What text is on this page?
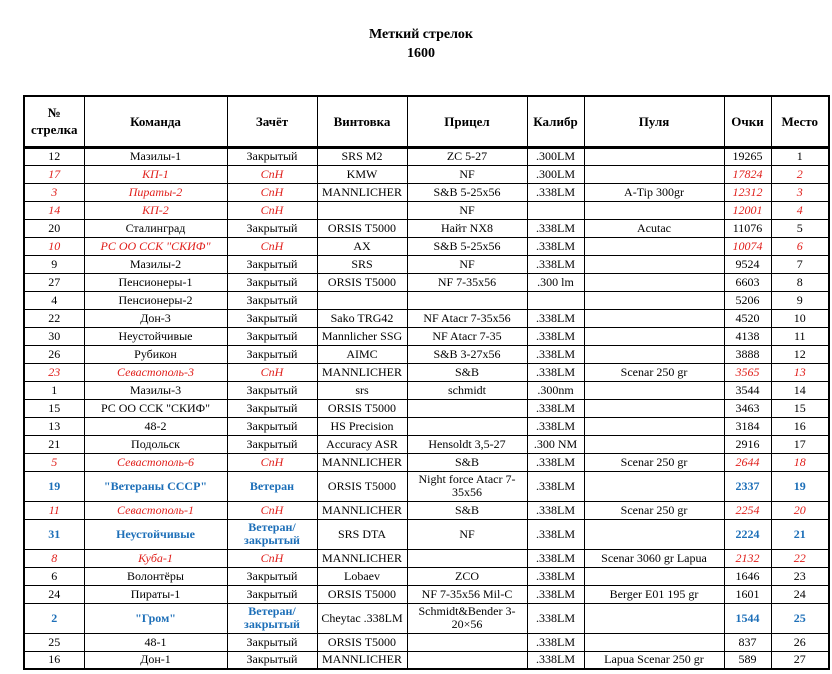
Меткий стрелок
1600
№ стрелка	Команда	Зачёт	Винтовка	Прицел	Калибр	Пуля	Очки	Место
12	Мазилы-1	Закрытый	SRS M2	ZC 5-27	.300LM		19265	1
17	КП-1	СпН	KMW	NF	.300LM		17824	2
3	Пираты-2	СпН	MANNLICHER	S&B 5-25x56	.338LM	A-Tip 300gr	12312	3
14	КП-2	СпН		NF			12001	4
20	Сталинград	Закрытый	ORSIS T5000	Найт NX8	.338LM	Acutac	11076	5
10	РС ОО ССК "СКИФ"	СпН	AX	S&B 5-25x56	.338LM		10074	6
9	Мазилы-2	Закрытый	SRS	NF	.338LM		9524	7
27	Пенсионеры-1	Закрытый	ORSIS T5000	NF 7-35x56	.300 lm		6603	8
4	Пенсионеры-2	Закрытый					5206	9
22	Дон-3	Закрытый	Sako TRG42	NF Atacr 7-35x56	.338LM		4520	10
30	Неустойчивые	Закрытый	Mannlicher SSG	NF Atacr 7-35	.338LM		4138	11
26	Рубикон	Закрытый	AIMC	S&B 3-27x56	.338LM		3888	12
23	Севастополь-3	СпН	MANNLICHER	S&B	.338LM	Scenar 250 gr	3565	13
1	Мазилы-3	Закрытый	srs	schmidt	.300nm		3544	14
15	РС ОО ССК "СКИФ"	Закрытый	ORSIS T5000		.338LM		3463	15
13	48-2	Закрытый	HS Precision		.338LM		3184	16
21	Подольск	Закрытый	Accuracy ASR	Hensoldt 3,5-27	.300 NM		2916	17
5	Севастополь-6	СпН	MANNLICHER	S&B	.338LM	Scenar 250 gr	2644	18
19	"Ветераны СССР"	Ветеран	ORSIS T5000	Night force Atacr 7-35x56	.338LM		2337	19
11	Севастополь-1	СпН	MANNLICHER	S&B	.338LM	Scenar 250 gr	2254	20
31	Неустойчивые	Ветеран/ закрытый	SRS DTA	NF	.338LM		2224	21
8	Куба-1	СпН	MANNLICHER		.338LM	Scenar 3060 gr Lapua	2132	22
6	Волонтёры	Закрытый	Lobaev	ZCO	.338LM		1646	23
24	Пираты-1	Закрытый	ORSIS T5000	NF 7-35x56 Mil-C	.338LM	Berger E01 195 gr	1601	24
2	"Гром"	Ветеран/ закрытый	Cheytac .338LM	Schmidt&Bender 3-20×56	.338LM		1544	25
25	48-1	Закрытый	ORSIS T5000		.338LM		837	26
16	Дон-1	Закрытый	MANNLICHER		.338LM	Lapua Scenar 250 gr	589	27
